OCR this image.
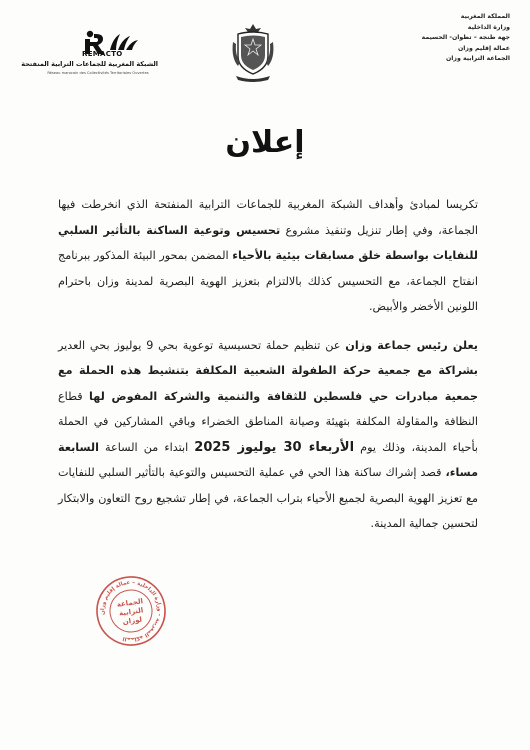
المملكة المغربية
وزارة الداخلية
جهة طنجة – تطوان- الحسيمة
عمالة إقليم وزان
الجماعة الترابية وزان
REMACTO
الشبكة المغربية للجماعات الترابية المنفتحة
Réseau marocain des Collectivités Territoriales Ouvertes
إعلان

تكريسا لمبادئ وأهداف الشبكة المغربية للجماعات الترابية المنفتحة الذي انخرطت فيها الجماعة، وفي إطار تنزيل وتنفيذ مشروع تحسيس وتوعية الساكنة بالتأثير السلبي للنفايات بواسطة خلق مسابقات بيئية بالأحياء المضمن بمحور البيئة المذكور ببرنامج انفتاح الجماعة، مع التحسيس كذلك بالالتزام بتعزيز الهوية البصرية لمدينة وزان باحترام اللونين الأخضر والأبيض.

يعلن رئيس جماعة وزان عن تنظيم حملة تحسيسية توعوية بحي 9 يوليوز بحي العدير بشراكة مع جمعية حركة الطفولة الشعبية المكلفة بتنشيط هذه الحملة مع جمعية مبادرات حي فلسطين للثقافة والتنمية والشركة المفوض لها قطاع النظافة والمقاولة المكلفة بتهيئة وصيانة المناطق الخضراء وباقي المشاركين في الحملة بأحياء المدينة، وذلك يوم الأربعاء 30 يوليوز 2025 ابتداء من الساعة السابعة مساء، قصد إشراك ساكنة هذا الحي في عملية التحسيس والتوعية بالتأثير السلبي للنفايات مع تعزيز الهوية البصرية لجميع الأحياء بتراب الجماعة، في إطار تشجيع روح التعاون والابتكار لتحسين جمالية المدينة.

المملكة المغربية – وزارة الداخلية – عمالة إقليم وزان
الجماعة
الترابية
لوزان
